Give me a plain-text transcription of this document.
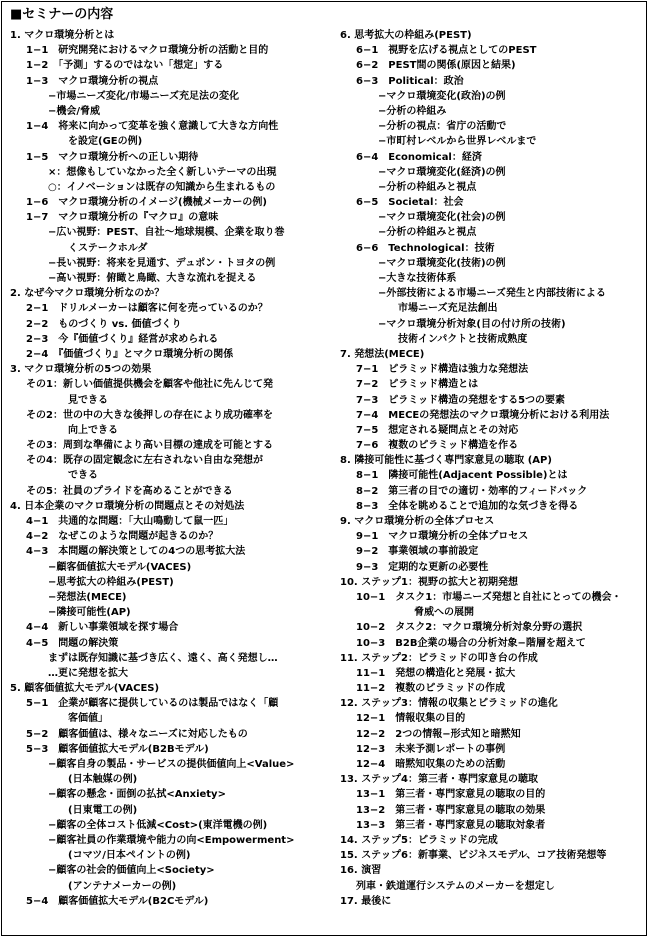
■セミナーの内容
1. マクロ環境分析とは
1−1　研究開発におけるマクロ環境分析の活動と目的
1−2　「予測」するのではない「想定」する
1−3　マクロ環境分析の視点
−市場ニーズ変化/市場ニーズ充足法の変化
−機会/脅威
1−4　将来に向かって変革を強く意識して大きな方向性
を設定(GEの例)
1−5　マクロ環境分析への正しい期待
×：想像もしていなかった全く新しいテーマの出現
○：イノベーションは既存の知識から生まれるもの
1−6　マクロ環境分析のイメージ(機械メーカーの例)
1−7　マクロ環境分析の『マクロ』の意味
−広い視野：PEST、自社〜地球規模、企業を取り巻
くステークホルダ
−長い視野：将来を見通す、デュポン・トヨタの例
−高い視野：俯瞰と鳥瞰、大きな流れを捉える
2. なぜ今マクロ環境分析なのか？
2−1　ドリルメーカーは顧客に何を売っているのか？
2−2　ものづくり vs. 価値づくり
2−3　今『価値づくり』経営が求められる
2−4　『価値づくり』とマクロ環境分析の関係
3. マクロ環境分析の5つの効果
その1：新しい価値提供機会を顧客や他社に先んじて発
見できる
その2：世の中の大きな後押しの存在により成功確率を
向上できる
その3：周到な準備により高い目標の達成を可能とする
その4：既存の固定観念に左右されない自由な発想が
できる
その5：社員のプライドを高めることができる
4. 日本企業のマクロ環境分析の問題点とその対処法
4−1　共通的な問題：「大山鳴動して鼠一匹」
4−2　なぜこのような問題が起きるのか？
4−3　本問題の解決策としての4つの思考拡大法
−顧客価値拡大モデル(VACES)
−思考拡大の枠組み(PEST)
−発想法(MECE)
−隣接可能性(AP)
4−4　新しい事業領域を探す場合
4−5　問題の解決策
まずは既存知識に基づき広く、遠く、高く発想し…
…更に発想を拡大
5. 顧客価値拡大モデル(VACES)
5−1　企業が顧客に提供しているのは製品ではなく「顧
客価値」
5−2　顧客価値は、様々なニーズに対応したもの
5−3　顧客価値拡大モデル(B2Bモデル)
−顧客自身の製品・サービスの提供価値向上<Value>
(日本触媒の例)
−顧客の懸念・面倒の払拭<Anxiety>
(日東電工の例)
−顧客の全体コスト低減<Cost>(東洋電機の例)
−顧客社員の作業環境や能力の向<Empowerment>
(コマツ/日本ペイントの例)
−顧客の社会的価値向上<Society>
(アンテナメーカーの例)
5−4　顧客価値拡大モデル(B2Cモデル)
6. 思考拡大の枠組み(PEST)
6−1　視野を広げる視点としてのPEST
6−2　PEST間の関係(原因と結果)
6−3　Political：政治
−マクロ環境変化(政治)の例
−分析の枠組み
−分析の視点：省庁の活動で
−市町村レベルから世界レベルまで
6−4　Economical：経済
−マクロ環境変化(経済)の例
−分析の枠組みと視点
6−5　Societal：社会
−マクロ環境変化(社会)の例
−分析の枠組みと視点
6−6　Technological：技術
−マクロ環境変化(技術)の例
−大きな技術体系
−外部技術による市場ニーズ発生と内部技術による
市場ニーズ充足法創出
−マクロ環境分析対象(目の付け所の技術)
技術インパクトと技術成熟度
7. 発想法(MECE)
7−1　ピラミッド構造は強力な発想法
7−2　ピラミッド構造とは
7−3　ピラミッド構造の発想をする5つの要素
7−4　MECEの発想法のマクロ環境分析における利用法
7−5　想定される疑問点とその対応
7−6　複数のピラミッド構造を作る
8. 隣接可能性に基づく専門家意見の聴取 (AP)
8−1　隣接可能性(Adjacent Possible)とは
8−2　第三者の目での適切・効率的フィードバック
8−3　全体を眺めることで追加的な気づきを得る
9. マクロ環境分析の全体プロセス
9−1　マクロ環境分析の全体プロセス
9−2　事業領域の事前設定
9−3　定期的な更新の必要性
10. ステップ1：視野の拡大と初期発想
10−1　タスク1：市場ニーズ発想と自社にとっての機会・
脅威への展開
10−2　タスク2：マクロ環境分析対象分野の選択
10−3　B2B企業の場合の分析対象−階層を超えて
11. ステップ2：ピラミッドの叩き台の作成
11−1　発想の構造化と発展・拡大
11−2　複数のピラミッドの作成
12. ステップ3：情報の収集とピラミッドの進化
12−1　情報収集の目的
12−2　2つの情報−形式知と暗黙知
12−3　未来予測レポートの事例
12−4　暗黙知収集のための活動
13. ステップ4：第三者・専門家意見の聴取
13−1　第三者・専門家意見の聴取の目的
13−2　第三者・専門家意見の聴取の効果
13−3　第三者・専門家意見の聴取対象者
14. ステップ5：ピラミッドの完成
15. ステップ6：新事業、ビジネスモデル、コア技術発想等
16. 演習
列車・鉄道運行システムのメーカーを想定し
17. 最後に
